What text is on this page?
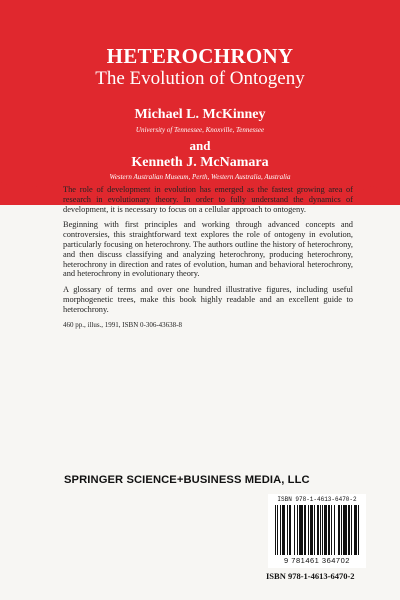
HETEROCHRONY
The Evolution of Ontogeny
Michael L. McKinney
University of Tennessee, Knoxville, Tennessee
and
Kenneth J. McNamara
Western Australian Museum, Perth, Western Australia, Australia

The role of development in evolution has emerged as the fastest growing area of research in evolutionary theory. In order to fully understand the dynamics of development, it is necessary to focus on a cellular approach to ontogeny.

Beginning with first principles and working through advanced concepts and controversies, this straightforward text explores the role of ontogeny in evolution, particularly focusing on heterochrony. The authors outline the history of heterochrony, and then discuss classifying and analyzing heterochrony, producing heterochrony, heterochrony in direction and rates of evolution, human and behavioral heterochrony, and heterochrony in evolutionary theory.

A glossary of terms and over one hundred illustrative figures, including useful morphogenetic trees, make this book highly readable and an excellent guide to heterochrony.

460 pp., illus., 1991, ISBN 0-306-43638-8

SPRINGER SCIENCE+BUSINESS MEDIA, LLC
ISBN 978-1-4613-6470-2
9 781461 364702
ISBN 978-1-4613-6470-2
